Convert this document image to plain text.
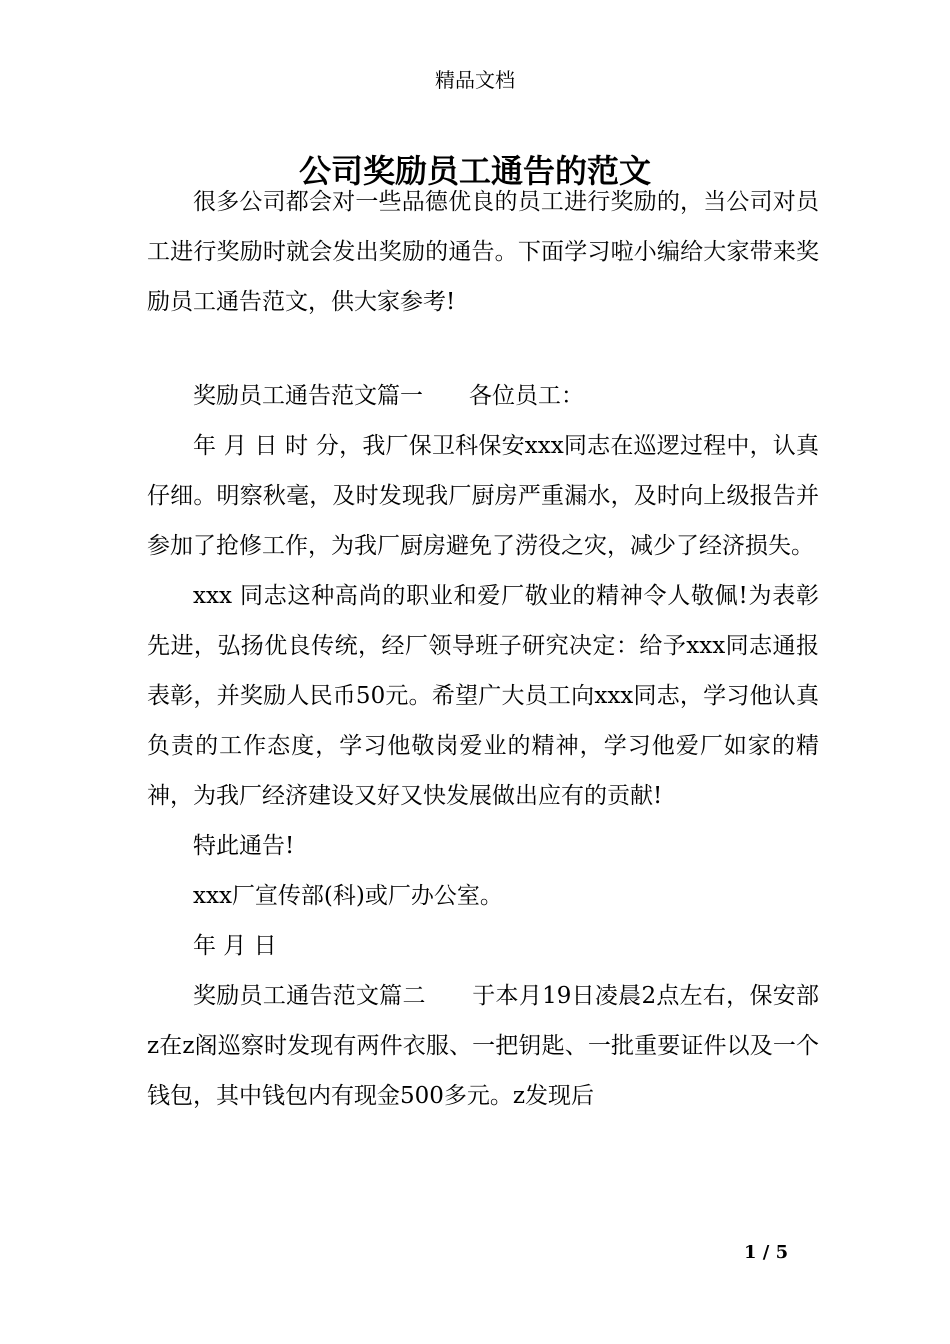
精品文档
公司奖励员工通告的范文

很多公司都会对一些品德优良的员工进行奖励的，当公司对员工进行奖励时就会发出奖励的通告。下面学习啦小编给大家带来奖励员工通告范文，供大家参考!

奖励员工通告范文篇一　　各位员工：

年 月 日 时 分，我厂保卫科保安xxx同志在巡逻过程中，认真仔细。明察秋毫，及时发现我厂厨房严重漏水，及时向上级报告并参加了抢修工作，为我厂厨房避免了涝役之灾，减少了经济损失。

xxx 同志这种高尚的职业和爱厂敬业的精神令人敬佩!为表彰先进，弘扬优良传统，经厂领导班子研究决定：给予xxx同志通报表彰，并奖励人民币50元。希望广大员工向xxx同志，学习他认真负责的工作态度，学习他敬岗爱业的精神，学习他爱厂如家的精神，为我厂经济建设又好又快发展做出应有的贡献!

特此通告!

xxx厂宣传部(科)或厂办公室。

年 月 日

奖励员工通告范文篇二　　于本月19日凌晨2点左右，保安部z在z阁巡察时发现有两件衣服、一把钥匙、一批重要证件以及一个钱包，其中钱包内有现金500多元。z发现后

1 / 5
